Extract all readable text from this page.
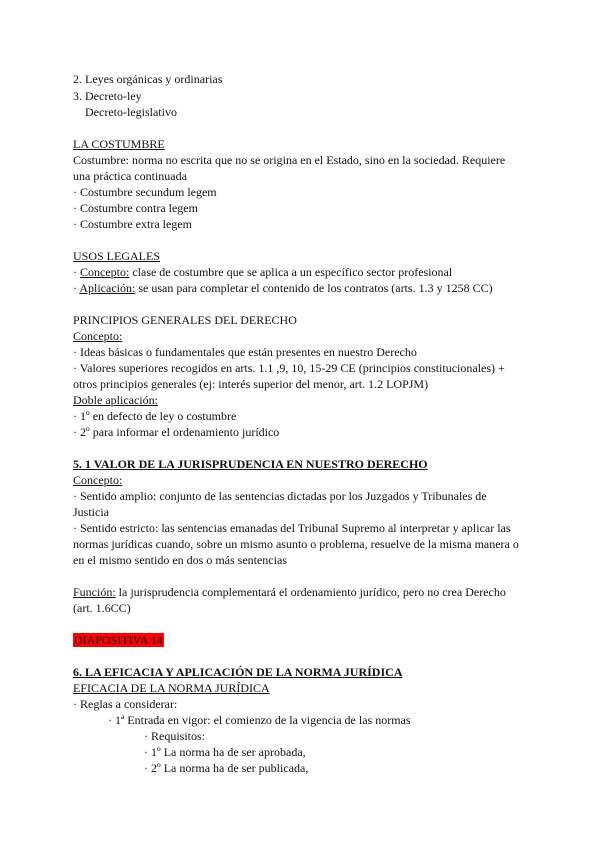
2. Leyes orgánicas y ordinarias
3. Decreto-ley
Decreto-legislativo
LA COSTUMBRE
Costumbre: norma no escrita que no se origina en el Estado, sino en la sociedad. Requiere
una práctica continuada
· Costumbre secundum legem
· Costumbre contra legem
· Costumbre extra legem
USOS LEGALES
· Concepto: clase de costumbre que se aplica a un específico sector profesional
· Aplicación: se usan para completar el contenido de los contratos (arts. 1.3 y 1258 CC)
PRINCIPIOS GENERALES DEL DERECHO
Concepto:
· Ideas básicas o fundamentales que están presentes en nuestro Derecho
· Valores superiores recogidos en arts. 1.1 ,9, 10, 15-29 CE (principios constitucionales) +
otros principios generales (ej: interés superior del menor, art. 1.2 LOPJM)
Doble aplicación:
· 1º en defecto de ley o costumbre
· 2º para informar el ordenamiento jurídico
5. 1 VALOR DE LA JURISPRUDENCIA EN NUESTRO DERECHO
Concepto:
· Sentido amplio: conjunto de las sentencias dictadas por los Juzgados y Tribunales de
Justicia
· Sentido estricto: las sentencias emanadas del Tribunal Supremo al interpretar y aplicar las
normas jurídicas cuando, sobre un mismo asunto o problema, resuelve de la misma manera o
en el mismo sentido en dos o más sentencias
Función: la jurisprudencia complementará el ordenamiento jurídico, pero no crea Derecho
(art. 1.6CC)
DIAPOSITIVA 14
6. LA EFICACIA Y APLICACIÓN DE LA NORMA JURÍDICA
EFICACIA DE LA NORMA JURÍDICA
· Reglas a considerar:
· 1ª Entrada en vigor: el comienzo de la vigencia de las normas
· Requisitos:
· 1º La norma ha de ser aprobada,
· 2º La norma ha de ser publicada,
